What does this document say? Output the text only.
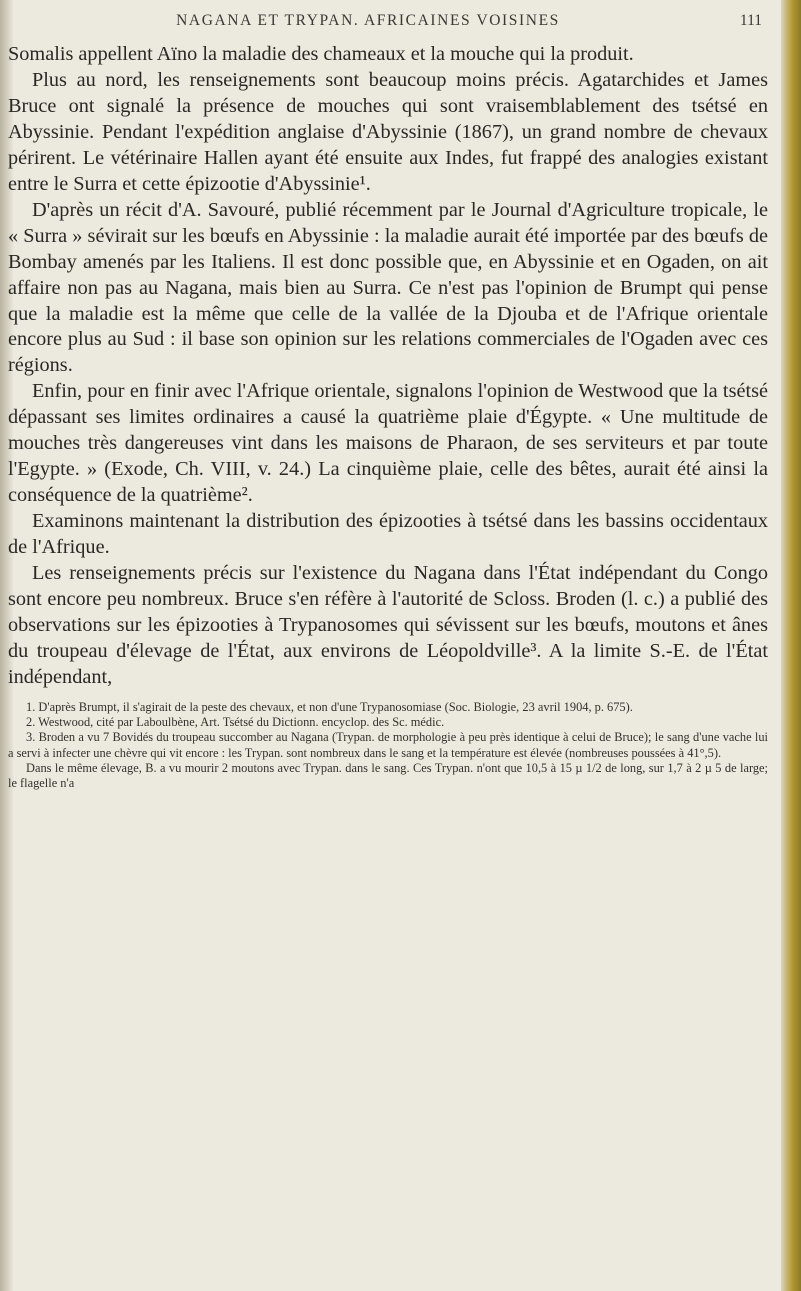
NAGANA ET TRYPAN. AFRICAINES VOISINES	111

Somalis appellent Aïno la maladie des chameaux et la mouche qui la produit.

Plus au nord, les renseignements sont beaucoup moins précis. Agatarchides et James Bruce ont signalé la présence de mouches qui sont vraisemblablement des tsétsé en Abyssinie. Pendant l'expédition anglaise d'Abyssinie (1867), un grand nombre de chevaux périrent. Le vétérinaire Hallen ayant été ensuite aux Indes, fut frappé des analogies existant entre le Surra et cette épizootie d'Abyssinie¹.

D'après un récit d'A. Savouré, publié récemment par le Journal d'Agriculture tropicale, le « Surra » sévirait sur les bœufs en Abyssinie : la maladie aurait été importée par des bœufs de Bombay amenés par les Italiens. Il est donc possible que, en Abyssinie et en Ogaden, on ait affaire non pas au Nagana, mais bien au Surra. Ce n'est pas l'opinion de Brumpt qui pense que la maladie est la même que celle de la vallée de la Djouba et de l'Afrique orientale encore plus au Sud : il base son opinion sur les relations commerciales de l'Ogaden avec ces régions.

Enfin, pour en finir avec l'Afrique orientale, signalons l'opinion de Westwood que la tsétsé dépassant ses limites ordinaires a causé la quatrième plaie d'Égypte. « Une multitude de mouches très dangereuses vint dans les maisons de Pharaon, de ses serviteurs et par toute l'Egypte. » (Exode, Ch. VIII, v. 24.) La cinquième plaie, celle des bêtes, aurait été ainsi la conséquence de la quatrième².

Examinons maintenant la distribution des épizooties à tsétsé dans les bassins occidentaux de l'Afrique.

Les renseignements précis sur l'existence du Nagana dans l'État indépendant du Congo sont encore peu nombreux. Bruce s'en réfère à l'autorité de Scloss. Broden (l. c.) a publié des observations sur les épizooties à Trypanosomes qui sévissent sur les bœufs, moutons et ânes du troupeau d'élevage de l'État, aux environs de Léopoldville³. A la limite S.-E. de l'État indépendant,

1. D'après Brumpt, il s'agirait de la peste des chevaux, et non d'une Trypanosomiase (Soc. Biologie, 23 avril 1904, p. 675).

2. Westwood, cité par Laboulbène, Art. Tsétsé du Dictionn. encyclop. des Sc. médic.

3. Broden a vu 7 Bovidés du troupeau succomber au Nagana (Trypan. de morphologie à peu près identique à celui de Bruce); le sang d'une vache lui a servi à infecter une chèvre qui vit encore : les Trypan. sont nombreux dans le sang et la température est élevée (nombreuses poussées à 41°,5).

Dans le même élevage, B. a vu mourir 2 moutons avec Trypan. dans le sang. Ces Trypan. n'ont que 10,5 à 15 µ 1/2 de long, sur 1,7 à 2 µ 5 de large; le flagelle n'a
